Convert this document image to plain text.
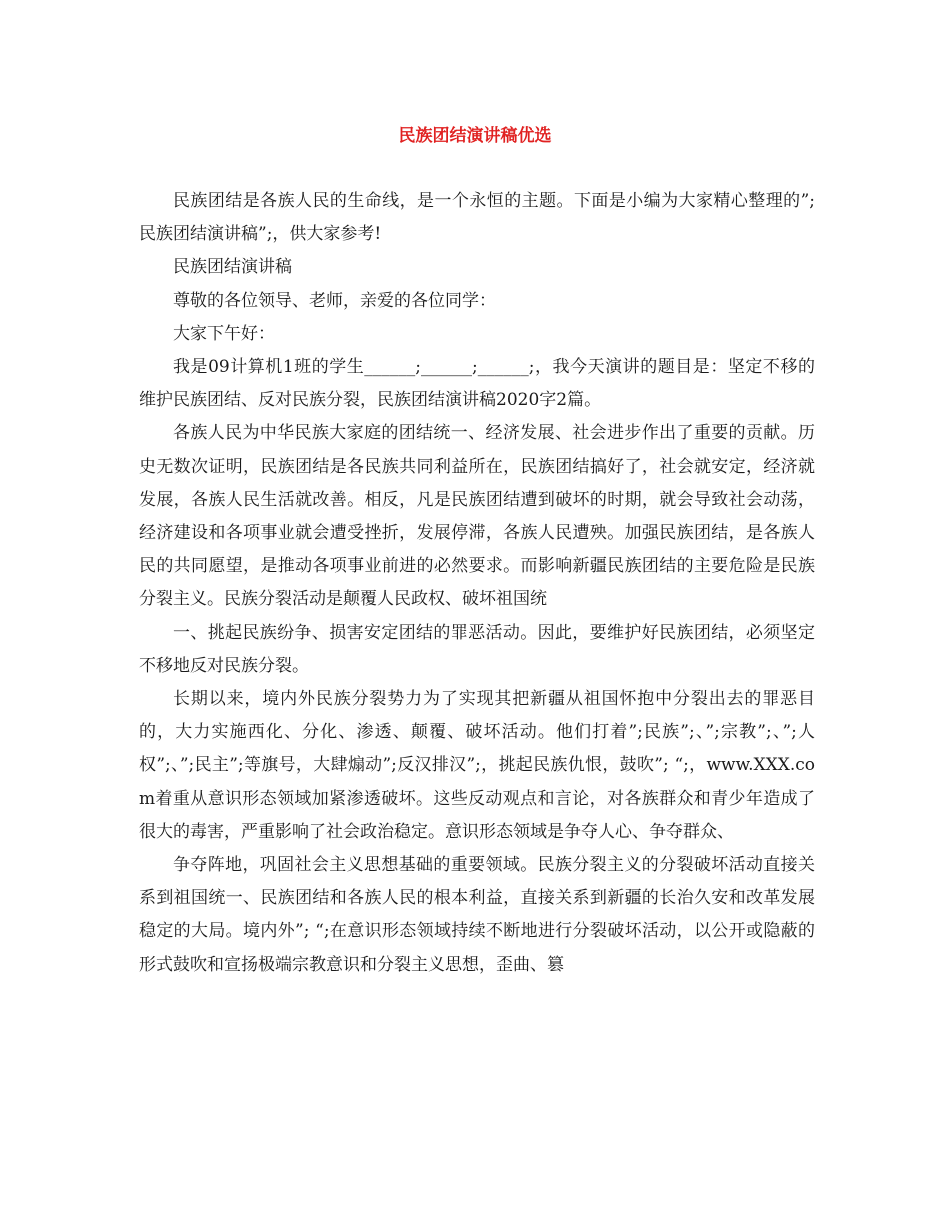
民族团结演讲稿优选

民族团结是各族人民的生命线，是一个永恒的主题。下面是小编为大家精心整理的”;民族团结演讲稿”;，供大家参考!

民族团结演讲稿

尊敬的各位领导、老师，亲爱的各位同学：

大家下午好：

我是09计算机1班的学生______;______;______;，我今天演讲的题目是：坚定不移的维护民族团结、反对民族分裂，民族团结演讲稿2020字2篇。

各族人民为中华民族大家庭的团结统一、经济发展、社会进步作出了重要的贡献。历史无数次证明，民族团结是各民族共同利益所在，民族团结搞好了，社会就安定，经济就发展，各族人民生活就改善。相反，凡是民族团结遭到破坏的时期，就会导致社会动荡，经济建设和各项事业就会遭受挫折，发展停滞，各族人民遭殃。加强民族团结，是各族人民的共同愿望，是推动各项事业前进的必然要求。而影响新疆民族团结的主要危险是民族分裂主义。民族分裂活动是颠覆人民政权、破坏祖国统

一、挑起民族纷争、损害安定团结的罪恶活动。因此，要维护好民族团结，必须坚定不移地反对民族分裂。

长期以来，境内外民族分裂势力为了实现其把新疆从祖国怀抱中分裂出去的罪恶目的，大力实施西化、分化、渗透、颠覆、破坏活动。他们打着”;民族”;、”;宗教”;、”;人权”;、”;民主”;等旗号，大肆煽动”;反汉排汉”;，挑起民族仇恨，鼓吹”; “;，www.XXX.com着重从意识形态领域加紧渗透破坏。这些反动观点和言论，对各族群众和青少年造成了很大的毒害，严重影响了社会政治稳定。意识形态领域是争夺人心、争夺群众、

争夺阵地，巩固社会主义思想基础的重要领域。民族分裂主义的分裂破坏活动直接关系到祖国统一、民族团结和各族人民的根本利益，直接关系到新疆的长治久安和改革发展稳定的大局。境内外”; “;在意识形态领域持续不断地进行分裂破坏活动，以公开或隐蔽的形式鼓吹和宣扬极端宗教意识和分裂主义思想，歪曲、篡
